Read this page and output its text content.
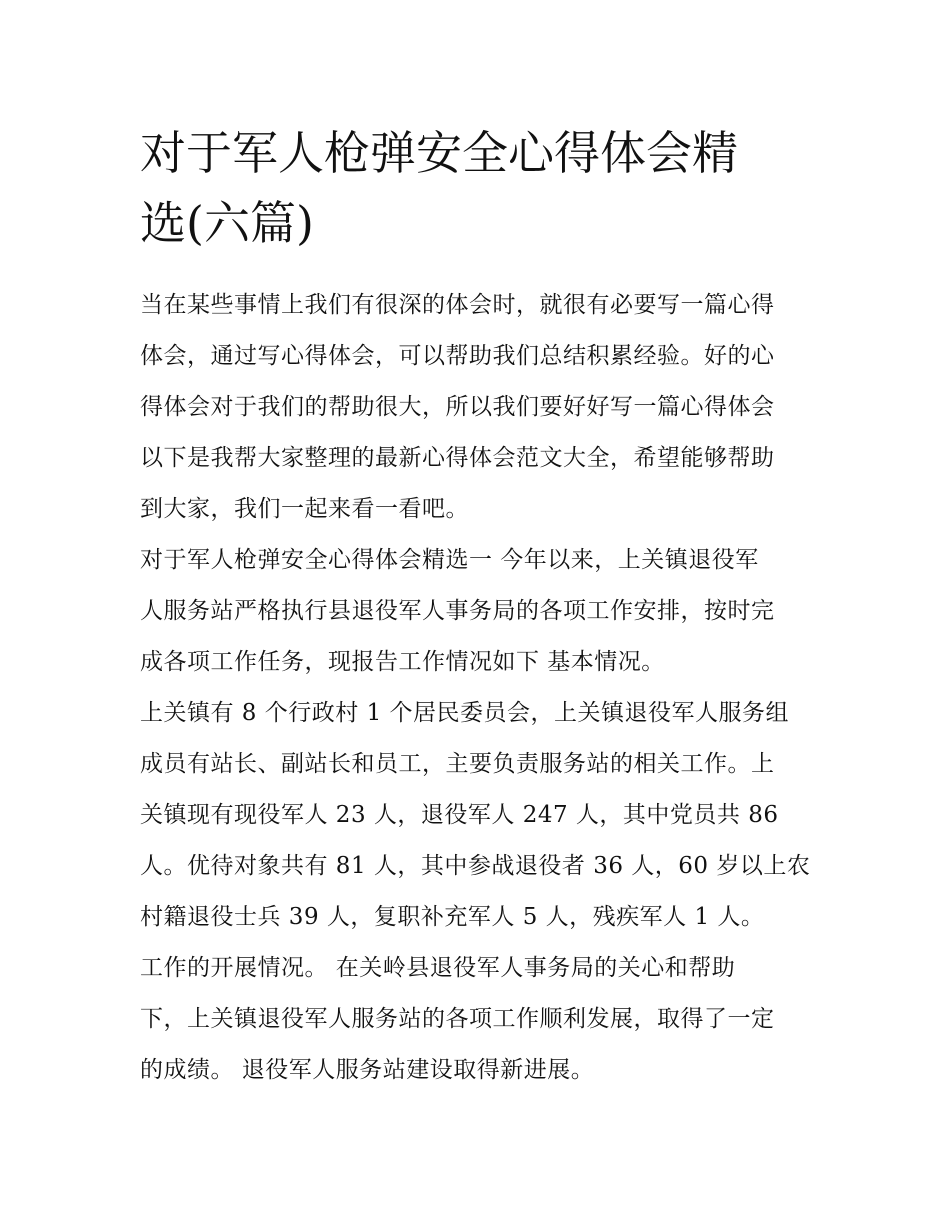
对于军人枪弹安全心得体会精
选(六篇)

当在某些事情上我们有很深的体会时，就很有必要写一篇心得
体会，通过写心得体会，可以帮助我们总结积累经验。好的心
得体会对于我们的帮助很大，所以我们要好好写一篇心得体会
以下是我帮大家整理的最新心得体会范文大全，希望能够帮助
到大家，我们一起来看一看吧。

对于军人枪弹安全心得体会精选一 今年以来，上关镇退役军
人服务站严格执行县退役军人事务局的各项工作安排，按时完
成各项工作任务，现报告工作情况如下 基本情况。

上关镇有 8 个行政村 1 个居民委员会，上关镇退役军人服务组
成员有站长、副站长和员工，主要负责服务站的相关工作。上
关镇现有现役军人 23 人，退役军人 247 人，其中党员共 86
人。优待对象共有 81 人，其中参战退役者 36 人，60 岁以上农
村籍退役士兵 39 人，复职补充军人 5 人，残疾军人 1 人。

工作的开展情况。 在关岭县退役军人事务局的关心和帮助
下，上关镇退役军人服务站的各项工作顺利发展，取得了一定
的成绩。 退役军人服务站建设取得新进展。
